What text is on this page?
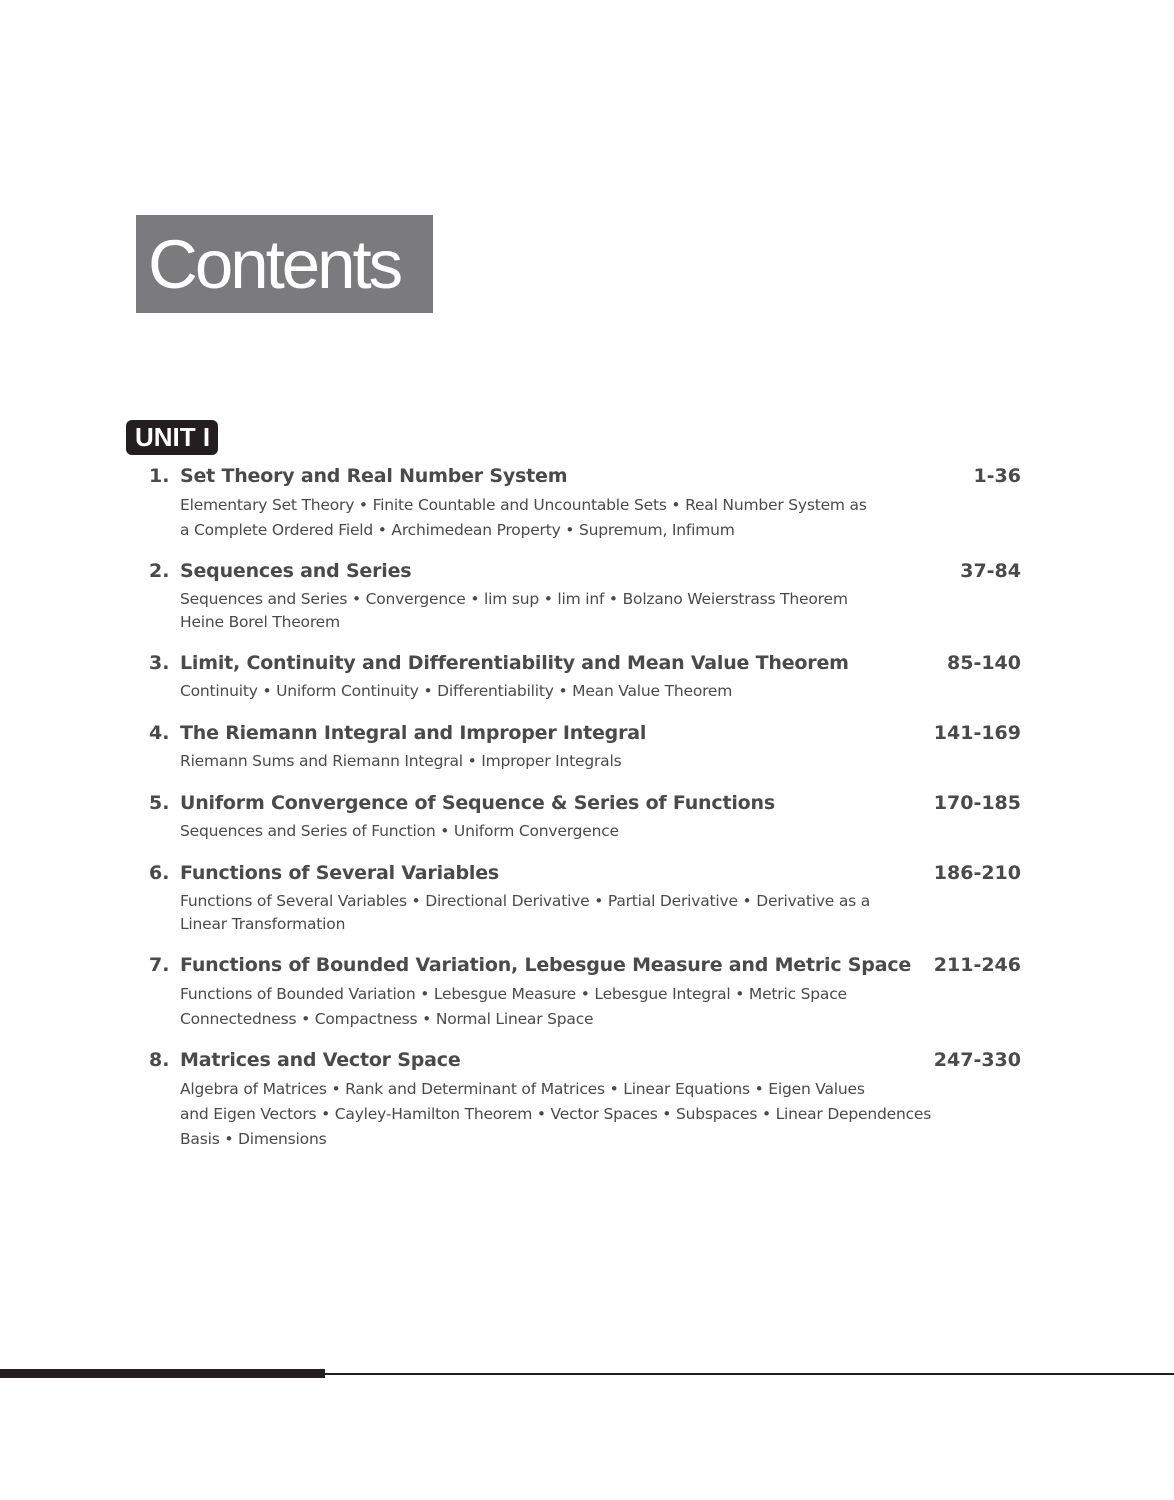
Contents
UNIT I
1. Set Theory and Real Number System	1-36
Elementary Set Theory • Finite Countable and Uncountable Sets • Real Number System as
a Complete Ordered Field • Archimedean Property • Supremum, Infimum
2. Sequences and Series	37-84
Sequences and Series • Convergence • lim sup • lim inf • Bolzano Weierstrass Theorem
Heine Borel Theorem
3. Limit, Continuity and Differentiability and Mean Value Theorem	85-140
Continuity • Uniform Continuity • Differentiability • Mean Value Theorem
4. The Riemann Integral and Improper Integral	141-169
Riemann Sums and Riemann Integral • Improper Integrals
5. Uniform Convergence of Sequence & Series of Functions	170-185
Sequences and Series of Function • Uniform Convergence
6. Functions of Several Variables	186-210
Functions of Several Variables • Directional Derivative • Partial Derivative • Derivative as a
Linear Transformation
7. Functions of Bounded Variation, Lebesgue Measure and Metric Space 211-246
Functions of Bounded Variation • Lebesgue Measure • Lebesgue Integral • Metric Space
Connectedness • Compactness • Normal Linear Space
8. Matrices and Vector Space	247-330
Algebra of Matrices • Rank and Determinant of Matrices • Linear Equations • Eigen Values
and Eigen Vectors • Cayley-Hamilton Theorem • Vector Spaces • Subspaces • Linear Dependences
Basis • Dimensions
